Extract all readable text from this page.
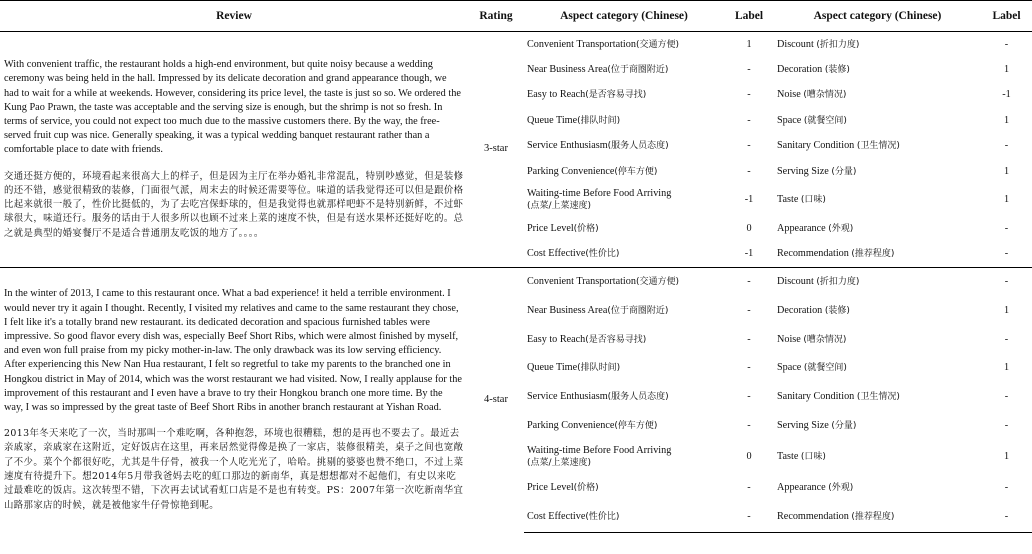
Review	Rating	Aspect category (Chinese)	Label	Aspect category (Chinese)	Label

With convenient traffic, the restaurant holds a high-end environment, but quite noisy because a wedding ceremony was being held in the hall. Impressed by its delicate decoration and grand appearance though, we had to wait for a while at weekends. However, considering its price level, the taste is just so so. We ordered the Kung Pao Prawn, the taste was acceptable and the serving size is enough, but the shrimp is not so fresh. In terms of service, you could not expect too much due to the massive customers there. By the way, the free-served fruit cup was nice. Generally speaking, it was a typical wedding banquet restaurant rather than a comfortable place to date with friends.

交通还挺方便的，环境看起来很高大上的样子，但是因为主厅在举办婚礼非常混乱，特别吵感觉，但是装修的还不错，感觉很精致的装修，门面很气派，周末去的时候还需要等位。味道的话我觉得还可以但是跟价格比起来就很一般了，性价比挺低的，为了去吃宫保虾球的，但是我觉得也就那样吧虾不是特别新鲜，不过虾球很大，味道还行。服务的话由于人很多所以也顾不过来上菜的速度不快，但是有送水果杯还挺好吃的。总之就是典型的婚宴餐厅不是适合普通朋友吃饭的地方了。。。。	3-star	Convenient Transportation(交通方便)	1	Discount (折扣力度)	-
		Near Business Area(位于商圈附近)	-	Decoration (装修)	1
		Easy to Reach(是否容易寻找)	-	Noise (嘈杂情况)	-1
		Queue Time(排队时间)	-	Space (就餐空间)	1
		Service Enthusiasm(服务人员态度)	-	Sanitary Condition (卫生情况)	-
		Parking Convenience(停车方便)	-	Serving Size (分量)	1
		Waiting-time Before Food Arriving
(点菜/上菜速度)	-1	Taste (口味)	1
		Price Level(价格)	0	Appearance (外观)	-
		Cost Effective(性价比)	-1	Recommendation (推荐程度)	-

In the winter of 2013, I came to this restaurant once. What a bad experience! it held a terrible environment. I would never try it again I thought. Recently, I visited my relatives and came to the same restaurant they chose, I felt like it's a totally brand new restaurant. its dedicated decoration and spacious furnished tables were impressive. So good flavor every dish was, especially Beef Short Ribs, which were almost finished by myself, and even won full praise from my picky mother-in-law. The only drawback was its low serving efficiency. After experiencing this New Nan Hua restaurant, I felt so regretful to take my parents to the branched one in Hongkou district in May of 2014, which was the worst restaurant we had visited. Now, I really applause for the improvement of this restaurant and I even have a brave to try their Hongkou branch one more time. By the way, I was so impressed by the great taste of Beef Short Ribs in another branch restaurant at Yishan Road.

2013年冬天来吃了一次，当时那叫一个难吃啊，各种抱怨，环境也很糟糕，想的是再也不要去了。最近去亲戚家，亲戚家在这附近，定好饭店在这里，再来居然觉得像是换了一家店，装修很精美，桌子之间也宽敞了不少。菜个个都很好吃，尤其是牛仔骨，被我一个人吃光光了，哈哈。挑剔的婆婆也赞不绝口，不过上菜速度有待提升下。想2014年5月带我爸妈去吃的虹口那边的新南华，真是想想都对不起他们，有史以来吃过最难吃的饭店。这次转型不错，下次再去试试看虹口店是不是也有转变。PS：2007年第一次吃新南华宜山路那家店的时候，就是被他家牛仔骨惊艳到呢。	4-star	Convenient Transportation(交通方便)	-	Discount (折扣力度)	-
		Near Business Area(位于商圈附近)	-	Decoration (装修)	1
		Easy to Reach(是否容易寻找)	-	Noise (嘈杂情况)	-
		Queue Time(排队时间)	-	Space (就餐空间)	1
		Service Enthusiasm(服务人员态度)	-	Sanitary Condition (卫生情况)	-
		Parking Convenience(停车方便)	-	Serving Size (分量)	-
		Waiting-time Before Food Arriving
(点菜/上菜速度)	0	Taste (口味)	1
		Price Level(价格)	-	Appearance (外观)	-
		Cost Effective(性价比)	-	Recommendation (推荐程度)	-
